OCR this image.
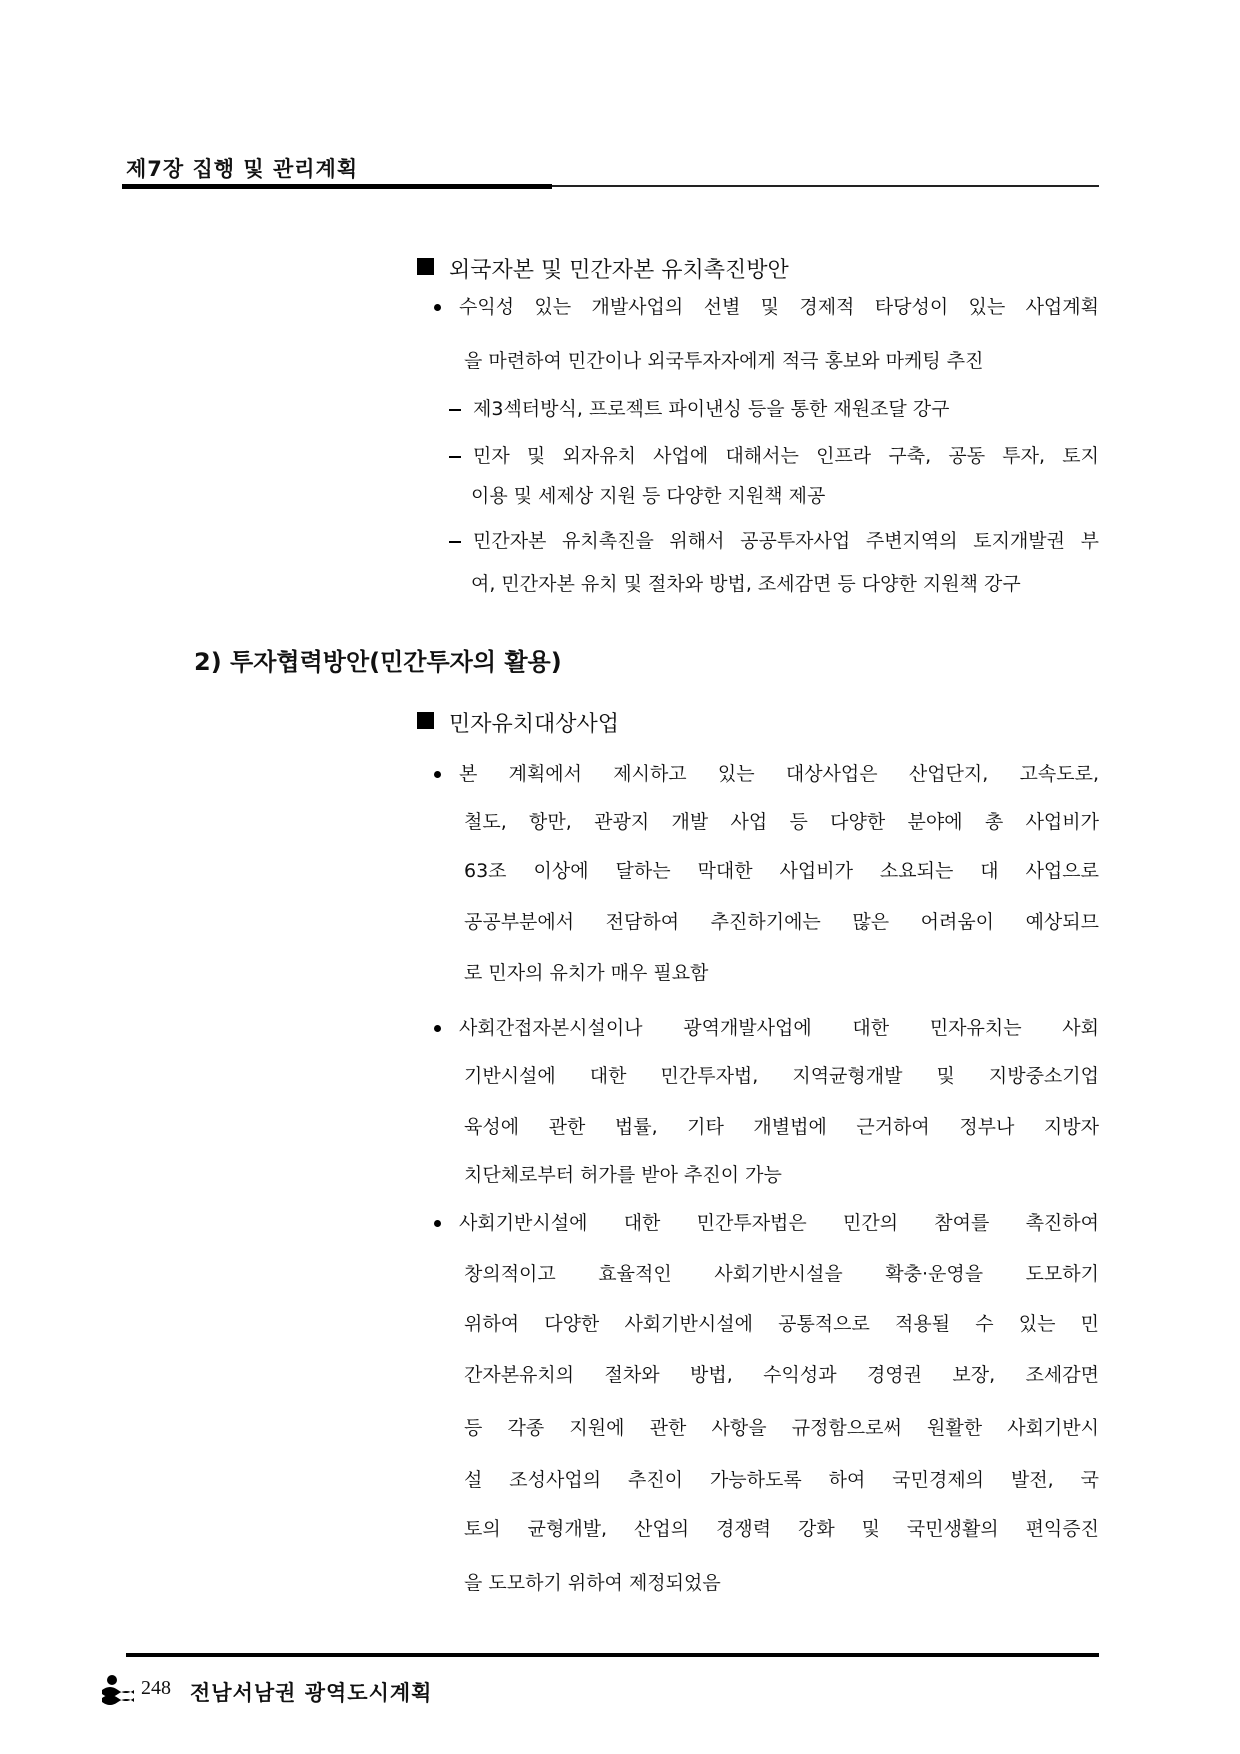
제7장 집행 및 관리계획
외국자본 및 민간자본 유치촉진방안
2) 투자협력방안(민간투자의 활용)
민자유치대상사업
수익성 있는 개발사업의 선별 및 경제적 타당성이 있는 사업계획
을 마련하여 민간이나 외국투자자에게 적극 홍보와 마케팅 추진
제3섹터방식, 프로젝트 파이낸싱 등을 통한 재원조달 강구
민자 및 외자유치 사업에 대해서는 인프라 구축, 공동 투자, 토지
이용 및 세제상 지원 등 다양한 지원책 제공
민간자본 유치촉진을 위해서 공공투자사업 주변지역의 토지개발권 부
여, 민간자본 유치 및 절차와 방법, 조세감면 등 다양한 지원책 강구
본 계획에서 제시하고 있는 대상사업은 산업단지, 고속도로,
철도, 항만, 관광지 개발 사업 등 다양한 분야에 총 사업비가
63조 이상에 달하는 막대한 사업비가 소요되는 대 사업으로
공공부분에서 전담하여 추진하기에는 많은 어려움이 예상되므
로 민자의 유치가 매우 필요함
사회간접자본시설이나 광역개발사업에 대한 민자유치는 사회
기반시설에 대한 민간투자법, 지역균형개발 및 지방중소기업
육성에 관한 법률, 기타 개별법에 근거하여 정부나 지방자
치단체로부터 허가를 받아 추진이 가능
사회기반시설에 대한 민간투자법은 민간의 참여를 촉진하여
창의적이고 효율적인 사회기반시설을 확충·운영을 도모하기
위하여 다양한 사회기반시설에 공통적으로 적용될 수 있는 민
간자본유치의 절차와 방법, 수익성과 경영권 보장, 조세감면
등 각종 지원에 관한 사항을 규정함으로써 원활한 사회기반시
설 조성사업의 추진이 가능하도록 하여 국민경제의 발전, 국
토의 균형개발, 산업의 경쟁력 강화 및 국민생활의 편익증진
을 도모하기 위하여 제정되었음
248 전남서남권 광역도시계획
